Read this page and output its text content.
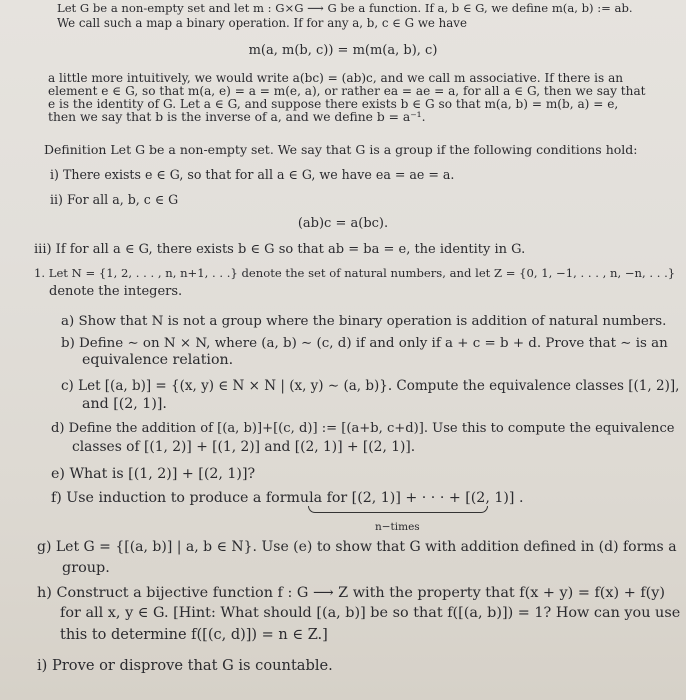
Let G be a non-empty set and let m : G×G ⟶ G be a function. If a, b ∈ G, we define m(a, b) := ab.
We call such a map a binary operation. If for any a, b, c ∈ G we have
m(a, m(b, c)) = m(m(a, b), c)
a little more intuitively, we would write a(bc) = (ab)c, and we call m associative. If there is an
element e ∈ G, so that m(a, e) = a = m(e, a), or rather ea = ae = a, for all a ∈ G, then we say that
e is the identity of G. Let a ∈ G, and suppose there exists b ∈ G so that m(a, b) = m(b, a) = e,
then we say that b is the inverse of a, and we define b = a⁻¹.
Definition Let G be a non-empty set. We say that G is a group if the following conditions hold:
i) There exists e ∈ G, so that for all a ∈ G, we have ea = ae = a.
ii) For all a, b, c ∈ G
(ab)c = a(bc).
iii) If for all a ∈ G, there exists b ∈ G so that ab = ba = e, the identity in G.
1. Let N = {1, 2, . . . , n, n+1, . . .} denote the set of natural numbers, and let Z = {0, 1, −1, . . . , n, −n, . . .}
denote the integers.
a) Show that N is not a group where the binary operation is addition of natural numbers.
b) Define ∼ on N × N, where (a, b) ∼ (c, d) if and only if a + c = b + d. Prove that ∼ is an
equivalence relation.
c) Let [(a, b)] = {(x, y) ∈ N × N | (x, y) ∼ (a, b)}. Compute the equivalence classes [(1, 2)],
and [(2, 1)].
d) Define the addition of [(a, b)]+[(c, d)] := [(a+b, c+d)]. Use this to compute the equivalence
classes of [(1, 2)] + [(1, 2)] and [(2, 1)] + [(2, 1)].
e) What is [(1, 2)] + [(2, 1)]?
f) Use induction to produce a formula for [(2, 1)] + · · · + [(2, 1)] .
n−times
g) Let G = {[(a, b)] | a, b ∈ N}. Use (e) to show that G with addition defined in (d) forms a
group.
h) Construct a bijective function f : G ⟶ Z with the property that f(x + y) = f(x) + f(y)
for all x, y ∈ G. [Hint: What should [(a, b)] be so that f([(a, b)]) = 1? How can you use
this to determine f([(c, d)]) = n ∈ Z.]
i) Prove or disprove that G is countable.
